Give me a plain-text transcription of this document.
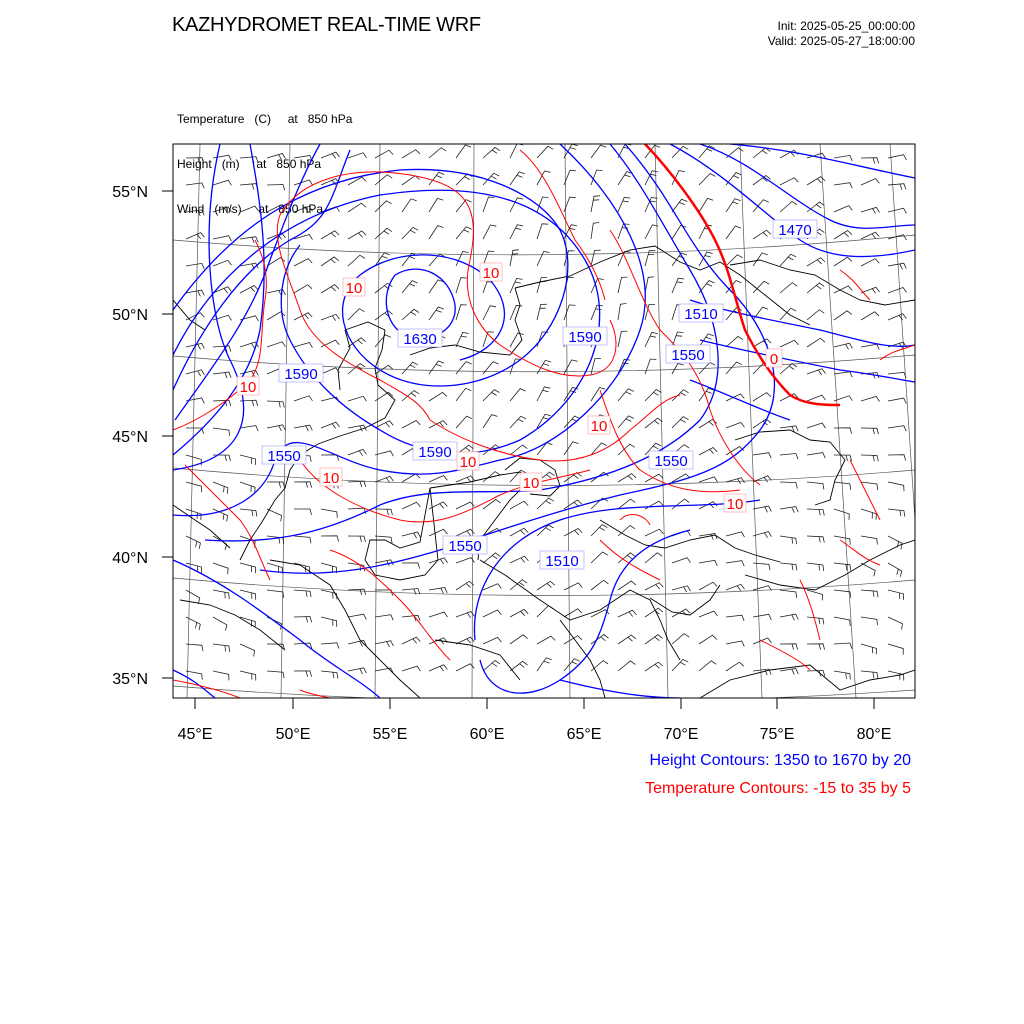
KAZHYDROMET REAL-TIME WRF	Init: 2025-05-25_00:00:00
Valid: 2025-05-27_18:00:00

Temperature   (C)     at   850 hPa

Height   (m)     at   850 hPa

Wind   (m/s)     at   850 hPa

1470
1510
1550
1590
1630
1590
1550	1590
1550
1510
1550
10
10
10
10
10
10	10
10
0
55°N
50°N
45°N
40°N
35°N
45°E	50°E	55°E	60°E	65°E	70°E	75°E	80°E
Height Contours: 1350 to 1670 by 20
Temperature Contours: -15 to 35 by 5
